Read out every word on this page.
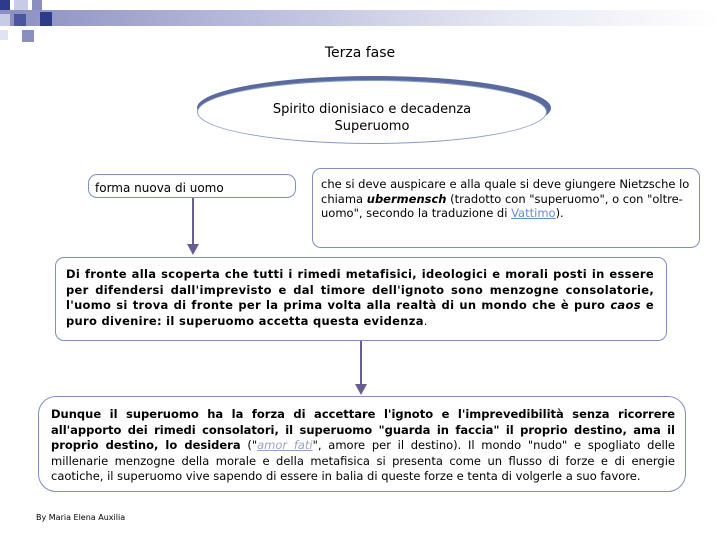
Terza fase
Spirito dionisiaco e decadenza
Superuomo
forma nuova di uomo	che si deve auspicare e alla quale si deve giungere Nietzsche lo chiama ubermensch (tradotto con "superuomo", o con "oltre-uomo", secondo la traduzione di Vattimo).
Di fronte alla scoperta che tutti i rimedi metafisici, ideologici e morali posti in essere per difendersi dall'imprevisto e dal timore dell'ignoto sono menzogne consolatorie, l'uomo si trova di fronte per la prima volta alla realtà di un mondo che è puro caos e puro divenire: il superuomo accetta questa evidenza.
Dunque il superuomo ha la forza di accettare l'ignoto e l'imprevedibilità senza ricorrere all'apporto dei rimedi consolatori, il superuomo "guarda in faccia" il proprio destino, ama il proprio destino, lo desidera ("amor fati", amore per il destino). Il mondo "nudo" e spogliato delle millenarie menzogne della morale e della metafisica si presenta come un flusso di forze e di energie caotiche, il superuomo vive sapendo di essere in balia di queste forze e tenta di volgerle a suo favore.
By Maria Elena Auxilia
